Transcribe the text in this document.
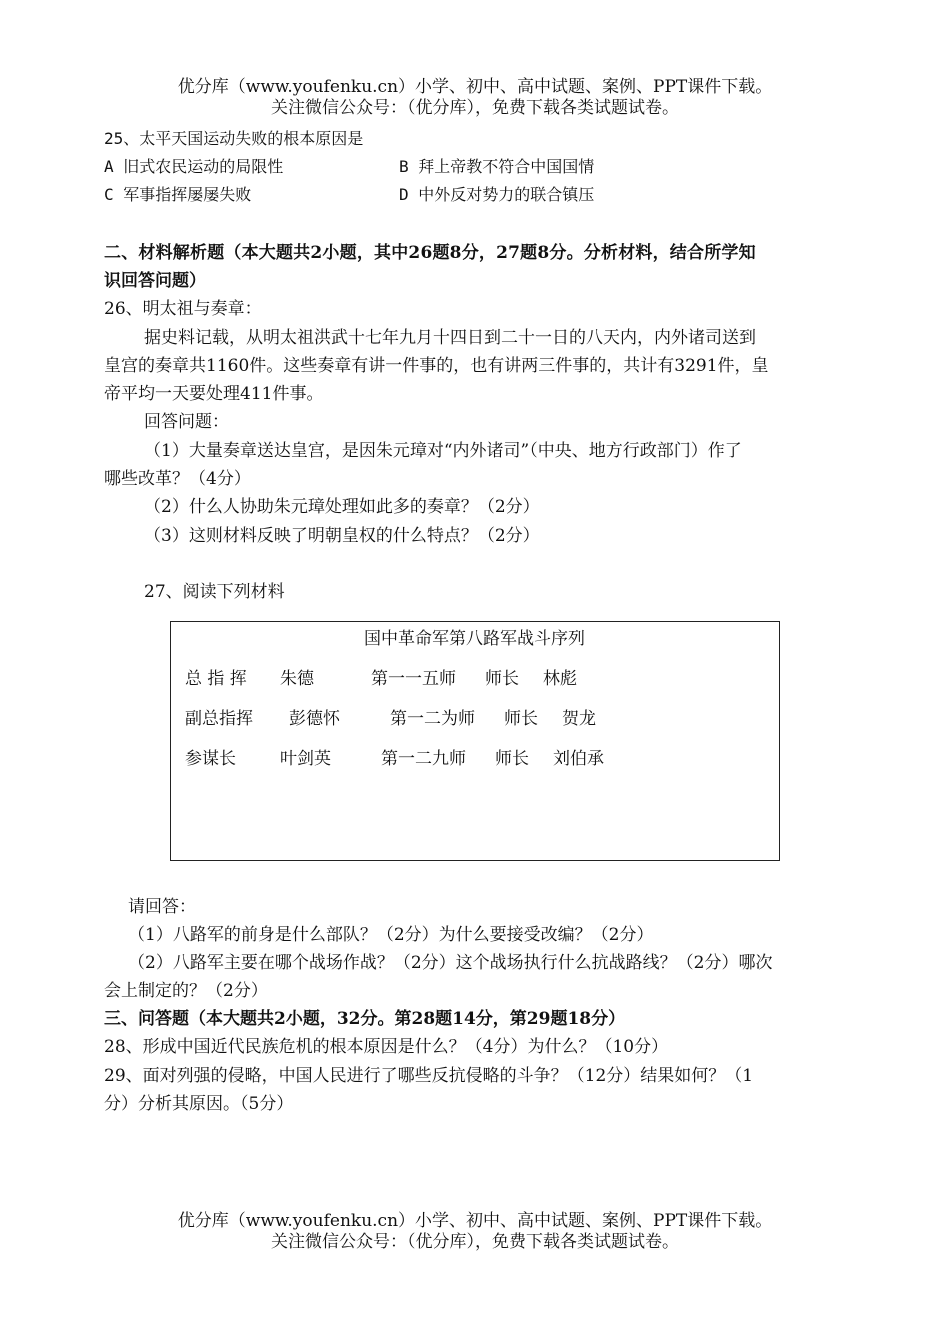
优分库（www.youfenku.cn）小学、初中、高中试题、案例、PPT课件下载。
关注微信公众号：（优分库），免费下载各类试题试卷。
25、太平天国运动失败的根本原因是
A 旧式农民运动的局限性	B 拜上帝教不符合中国国情
C 军事指挥屡屡失败	D 中外反对势力的联合镇压
二、材料解析题（本大题共2小题，其中26题8分，27题8分。分析材料，结合所学知
识回答问题）
26、明太祖与奏章：
据史料记载，从明太祖洪武十七年九月十四日到二十一日的八天内，内外诸司送到
皇宫的奏章共1160件。这些奏章有讲一件事的，也有讲两三件事的，共计有3291件，皇
帝平均一天要处理411件事。
回答问题：
（1）大量奏章送达皇宫，是因朱元璋对“内外诸司”（中央、地方行政部门）作了
哪些改革？（4分）
（2）什么人协助朱元璋处理如此多的奏章？（2分）
（3）这则材料反映了明朝皇权的什么特点？（2分）
27、阅读下列材料
国中革命军第八路军战斗序列
总 指 挥 朱德	第一一五师 师长 林彪
副总指挥 彭德怀	第一二为师 师长 贺龙
参谋长	叶剑英	第一二九师 师长 刘伯承
请回答：
（1）八路军的前身是什么部队？（2分）为什么要接受改编？（2分）
（2）八路军主要在哪个战场作战？（2分）这个战场执行什么抗战路线？（2分）哪次
会上制定的？（2分）
三、问答题（本大题共2小题，32分。第28题14分，第29题18分）
28、形成中国近代民族危机的根本原因是什么？（4分）为什么？（10分）
29、面对列强的侵略，中国人民进行了哪些反抗侵略的斗争？（12分）结果如何？（1
分）分析其原因。（5分）
优分库（www.youfenku.cn）小学、初中、高中试题、案例、PPT课件下载。
关注微信公众号：（优分库），免费下载各类试题试卷。
